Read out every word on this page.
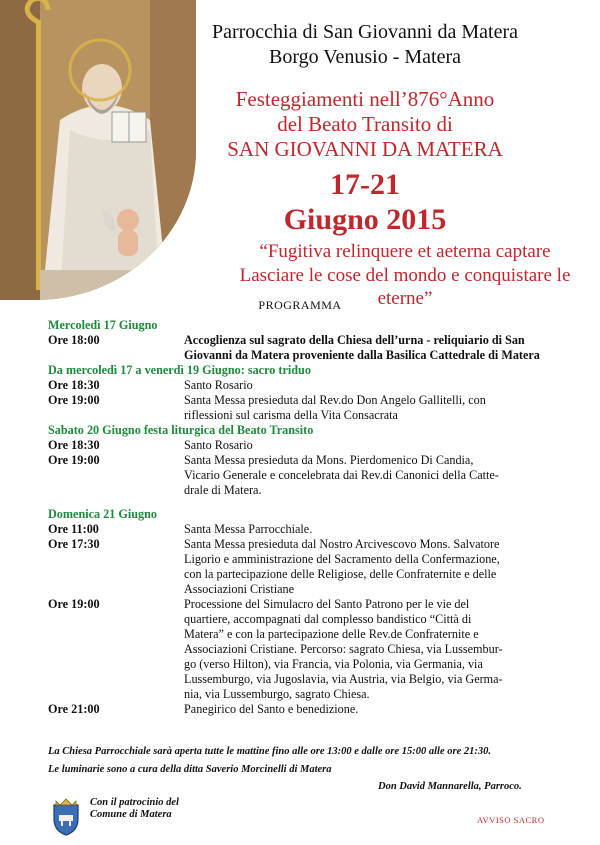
Parrocchia di San Giovanni da Matera
Borgo Venusio - Matera
Festeggiamenti nell’876°Anno
del Beato Transito di
SAN GIOVANNI DA MATERA
17-21
Giugno 2015
“Fugitiva relinquere et aeterna captare
Lasciare le cose del mondo e conquistare le eterne”
PROGRAMMA
Mercoledì 17 Giugno
Ore 18:00	Accoglienza sul sagrato della Chiesa dell’urna - reliquiario di San
Giovanni da Matera proveniente dalla Basilica Cattedrale di Matera
Da mercoledì 17 a venerdì 19 Giugno: sacro triduo
Ore 18:30	Santo Rosario
Ore 19:00	Santa Messa presieduta dal Rev.do Don Angelo Gallitelli, con
riflessioni sul carisma della Vita Consacrata
Sabato 20 Giugno festa liturgica del Beato Transito
Ore 18:30	Santo Rosario
Ore 19:00	Santa Messa presieduta da Mons. Pierdomenico Di Candia,
Vicario Generale e concelebrata dai Rev.di Canonici della Catte-
drale di Matera.
Domenica 21 Giugno
Ore 11:00	Santa Messa Parrocchiale.
Ore 17:30	Santa Messa presieduta dal Nostro Arcivescovo Mons. Salvatore
Ligorio e amministrazione del Sacramento della Confermazione,
con la partecipazione delle Religiose, delle Confraternite e delle
Associazioni Cristiane
Ore 19:00	Processione del Simulacro del Santo Patrono per le vie del
quartiere, accompagnati dal complesso bandistico “Città di
Matera” e con la partecipazione delle Rev.de Confraternite e
Associazioni Cristiane. Percorso: sagrato Chiesa, via Lussembur-
go (verso Hilton), via Francia, via Polonia, via Germania, via
Lussemburgo, via Jugoslavia, via Austria, via Belgio, via Germa-
nia, via Lussemburgo, sagrato Chiesa.
Ore 21:00	Panegirico del Santo e benedizione.
La Chiesa Parrocchiale sarà aperta tutte le mattine fino alle ore 13:00 e dalle ore 15:00 alle ore 21:30.
Le luminarie sono a cura della ditta Saverio Morcinelli di Matera
Don David Mannarella, Parroco.
Con il patrocinio del
Comune di Matera	AVVISO SACRO
